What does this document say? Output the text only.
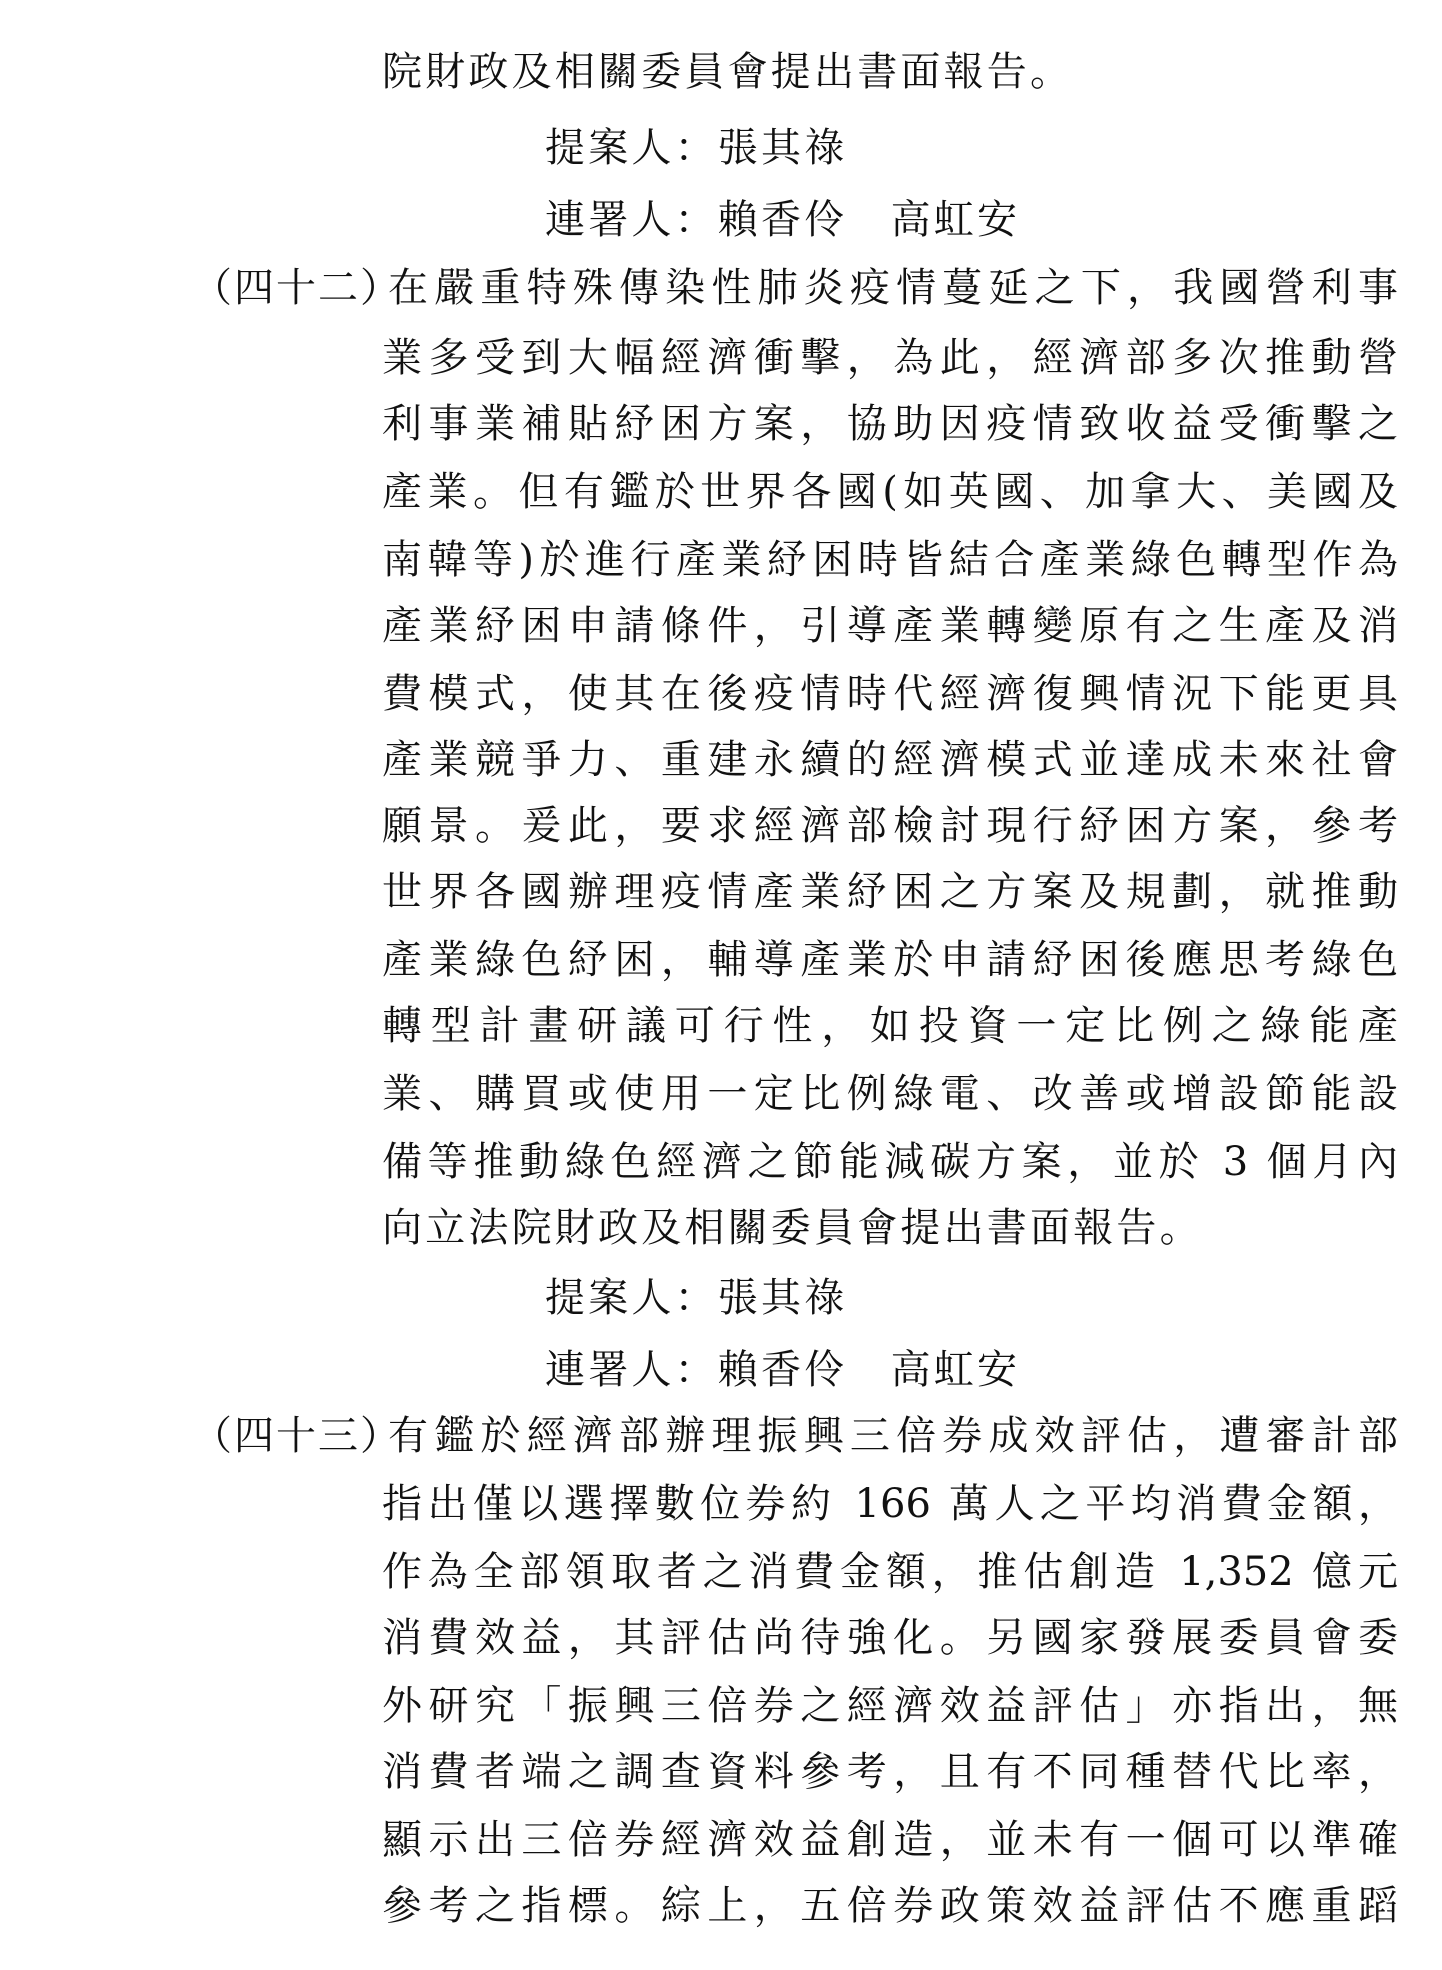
院財政及相關委員會提出書面報告。
提案人：張其祿
連署人：賴香伶　高虹安
（四十二）
在嚴重特殊傳染性肺炎疫情蔓延之下，我國營利事
業多受到大幅經濟衝擊，為此，經濟部多次推動營
利事業補貼紓困方案，協助因疫情致收益受衝擊之
產業。但有鑑於世界各國(如英國、加拿大、美國及
南韓等)於進行產業紓困時皆結合產業綠色轉型作為
產業紓困申請條件，引導產業轉變原有之生產及消
費模式，使其在後疫情時代經濟復興情況下能更具
產業競爭力、重建永續的經濟模式並達成未來社會
願景。爰此，要求經濟部檢討現行紓困方案，參考
世界各國辦理疫情產業紓困之方案及規劃，就推動
產業綠色紓困，輔導產業於申請紓困後應思考綠色
轉型計畫研議可行性，如投資一定比例之綠能產
業、購買或使用一定比例綠電、改善或增設節能設
備等推動綠色經濟之節能減碳方案，並於 3 個月內
向立法院財政及相關委員會提出書面報告。
提案人：張其祿
連署人：賴香伶　高虹安
（四十三）
有鑑於經濟部辦理振興三倍券成效評估，遭審計部
指出僅以選擇數位券約 166 萬人之平均消費金額，
作為全部領取者之消費金額，推估創造 1,352 億元
消費效益，其評估尚待強化。另國家發展委員會委
外研究「振興三倍券之經濟效益評估」亦指出，無
消費者端之調查資料參考，且有不同種替代比率，
顯示出三倍券經濟效益創造，並未有一個可以準確
參考之指標。綜上，五倍券政策效益評估不應重蹈
